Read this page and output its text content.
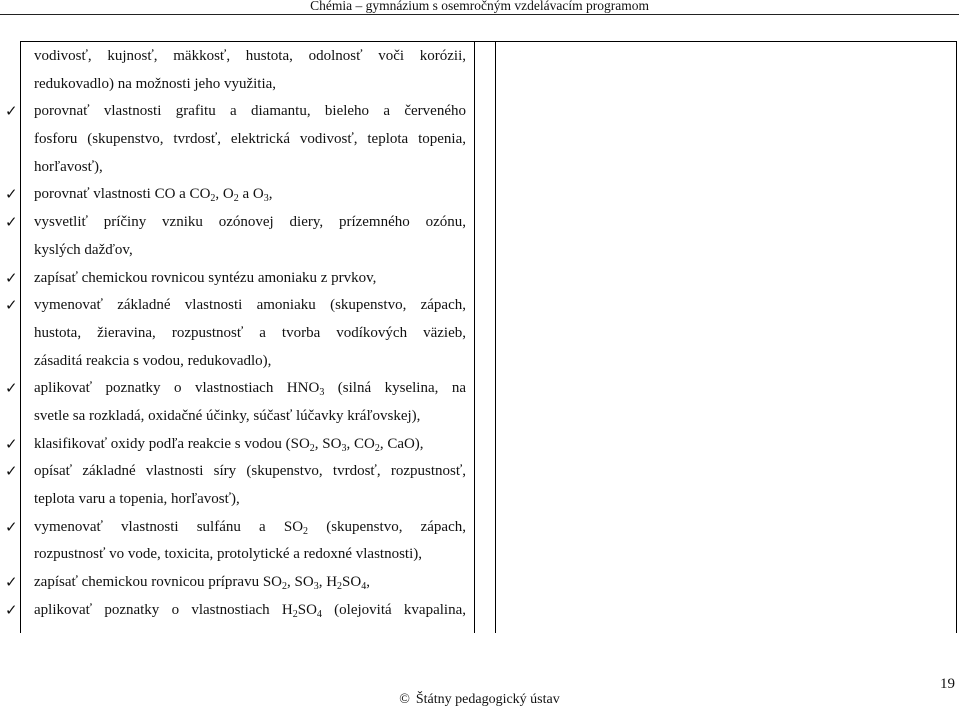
Chémia – gymnázium s osemročným vzdelávacím programom
vodivosť, kujnosť, mäkkosť, hustota, odolnosť voči korózii,
redukovadlo) na možnosti jeho využitia,
✓ porovnať vlastnosti grafitu a diamantu, bieleho a červeného
fosforu (skupenstvo, tvrdosť, elektrická vodivosť, teplota topenia,
horľavosť),
✓ porovnať vlastnosti CO a $CO_2$, $O_2$ a $O_3$,
✓ vysvetliť príčiny vzniku ozónovej diery, prízemného ozónu,
kyslých dažďov,
✓ zapísať chemickou rovnicou syntézu amoniaku z prvkov,
✓ vymenovať základné vlastnosti amoniaku (skupenstvo, zápach,
hustota, žieravina, rozpustnosť a tvorba vodíkových väzieb,
zásaditá reakcia s vodou, redukovadlo),
✓ aplikovať poznatky o vlastnostiach $HNO_3$ (silná kyselina, na
svetle sa rozkladá, oxidačné účinky, súčasť lúčavky kráľovskej),
✓ klasifikovať oxidy podľa reakcie s vodou ($SO_2$, $SO_3$, $CO_2$, CaO),
✓ opísať základné vlastnosti síry (skupenstvo, tvrdosť, rozpustnosť,
teplota varu a topenia, horľavosť),
✓ vymenovať vlastnosti sulfánu a $SO_2$ (skupenstvo, zápach,
rozpustnosť vo vode, toxicita, protolytické a redoxné vlastnosti),
✓ zapísať chemickou rovnicou prípravu $SO_2$, $SO_3$, $H_2SO_4$,
✓ aplikovať poznatky o vlastnostiach $H_2SO_4$ (olejovitá kvapalina,
© Štátny pedagogický ústav
19
